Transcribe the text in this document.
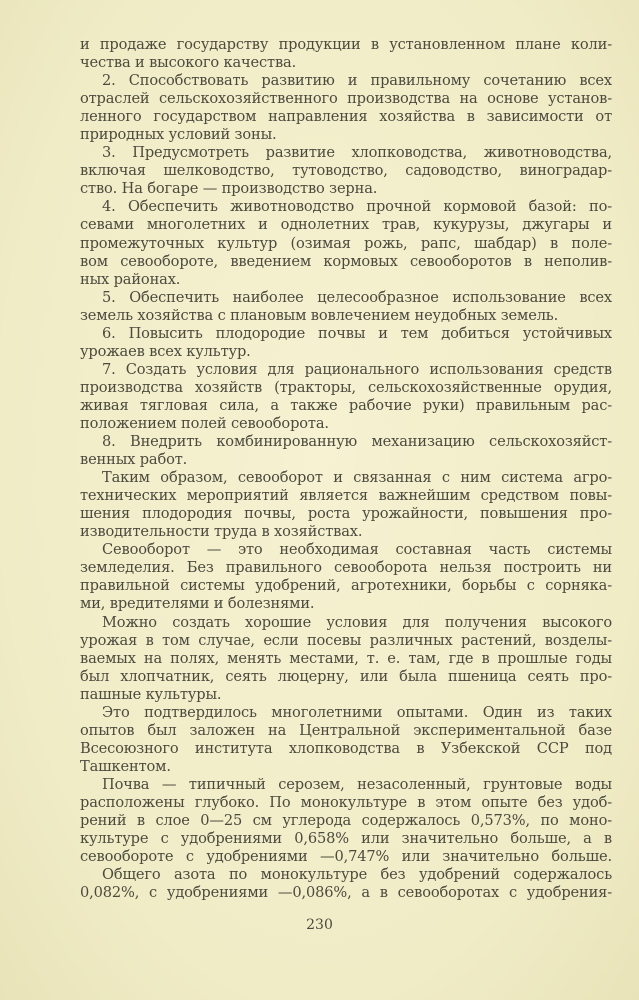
и продаже государству продукции в установленном плане коли-
чества и высокого качества.
2. Способствовать развитию и правильному сочетанию всех
отраслей сельскохозяйственного производства на основе установ-
ленного государством направления хозяйства в зависимости от
природных условий зоны.
3. Предусмотреть развитие хлопководства, животноводства,
включая шелководство, тутоводство, садоводство, виноградар-
ство. На богаре — производство зерна.
4. Обеспечить животноводство прочной кормовой базой: по-
севами многолетних и однолетних трав, кукурузы, джугары и
промежуточных культур (озимая рожь, рапс, шабдар) в поле-
вом севообороте, введением кормовых севооборотов в неполив-
ных районах.
5. Обеспечить наиболее целесообразное использование всех
земель хозяйства с плановым вовлечением неудобных земель.
6. Повысить плодородие почвы и тем добиться устойчивых
урожаев всех культур.
7. Создать условия для рационального использования средств
производства хозяйств (тракторы, сельскохозяйственные орудия,
живая тягловая сила, а также рабочие руки) правильным рас-
положением полей севооборота.
8. Внедрить комбинированную механизацию сельскохозяйст-
венных работ.
Таким образом, севооборот и связанная с ним система агро-
технических мероприятий является важнейшим средством повы-
шения плодородия почвы, роста урожайности, повышения про-
изводительности труда в хозяйствах.
Севооборот — это необходимая составная часть системы
земледелия. Без правильного севооборота нельзя построить ни
правильной системы удобрений, агротехники, борьбы с сорняка-
ми, вредителями и болезнями.
Можно создать хорошие условия для получения высокого
урожая в том случае, если посевы различных растений, возделы-
ваемых на полях, менять местами, т. е. там, где в прошлые годы
был хлопчатник, сеять люцерну, или была пшеница сеять про-
пашные культуры.
Это подтвердилось многолетними опытами. Один из таких
опытов был заложен на Центральной экспериментальной базе
Всесоюзного института хлопководства в Узбекской ССР под
Ташкентом.
Почва — типичный серозем, незасоленный, грунтовые воды
расположены глубоко. По монокультуре в этом опыте без удоб-
рений в слое 0—25 см углерода содержалось 0,573%, по моно-
культуре с удобрениями 0,658% или значительно больше, а в
севообороте с удобрениями —0,747% или значительно больше.
Общего азота по монокультуре без удобрений содержалось
0,082%, с удобрениями —0,086%, а в севооборотах с удобрения-
230
